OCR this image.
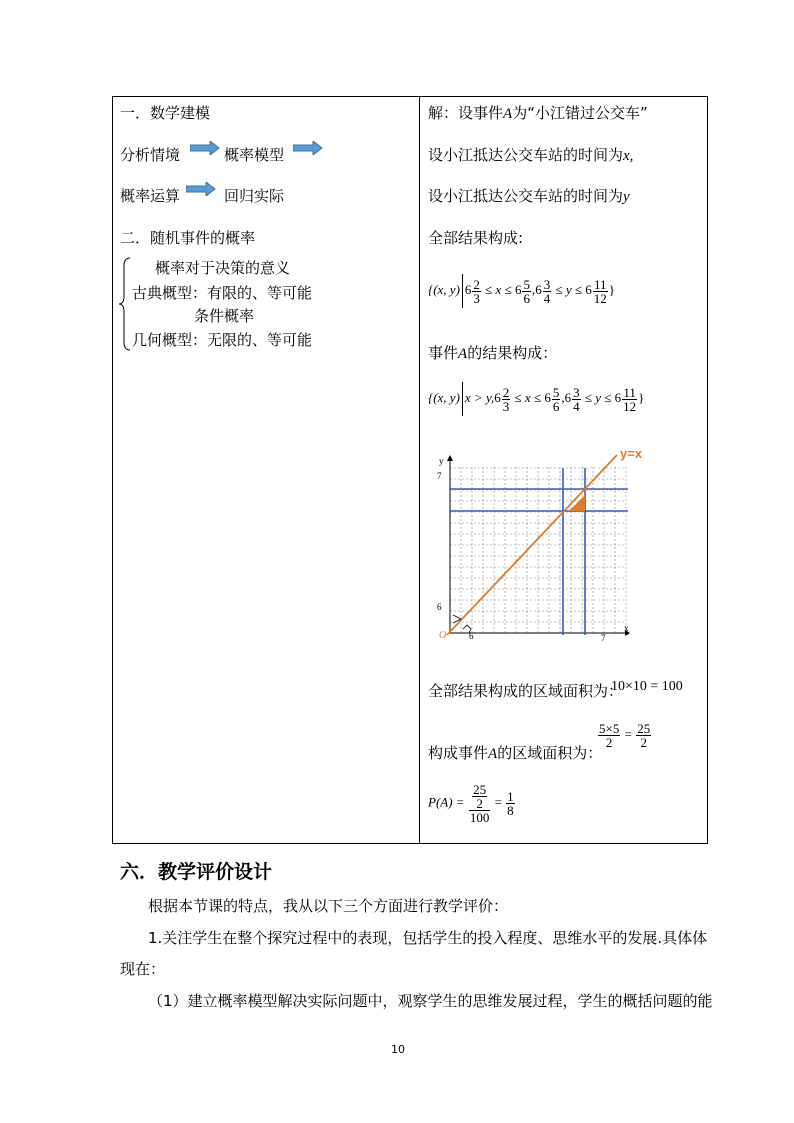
一．数学建模
分析情境	概率模型
概率运算	回归实际
二．随机事件的概率
概率对于决策的意义
古典概型：有限的、等可能
条件概率
几何概型：无限的、等可能
解：设事件A为“小江错过公交车”
设小江抵达公交车站的时间为x,
设小江抵达公交车站的时间为y
全部结果构成:
{(x, y) $6 \frac{2}{3} \le x \le 6 \frac{5}{6} ,6 \frac{3}{4} \le y \le 6 \frac{11}{12}$ }
事件A的结果构成：
{(x, y) $x > y,6 \frac{2}{3} \le x \le 6 \frac{5}{6} ,6 \frac{3}{4} \le y \le 6 \frac{11}{12}$ }
y=x
y
x
7
6
6	7
O
全部结果构成的区域面积为：
10×10 = 100
构成事件A的区域面积为：
$\frac{5\times 5}{2} = \frac{25}{2}$
$P(A) = \frac{\frac{25}{2}}{100} = \frac{1}{8}$
六．教学评价设计
根据本节课的特点，我从以下三个方面进行教学评价：
1.关注学生在整个探究过程中的表现，包括学生的投入程度、思维水平的发展.具体体
现在：
（1）建立概率模型解决实际问题中，观察学生的思维发展过程，学生的概括问题的能
10
